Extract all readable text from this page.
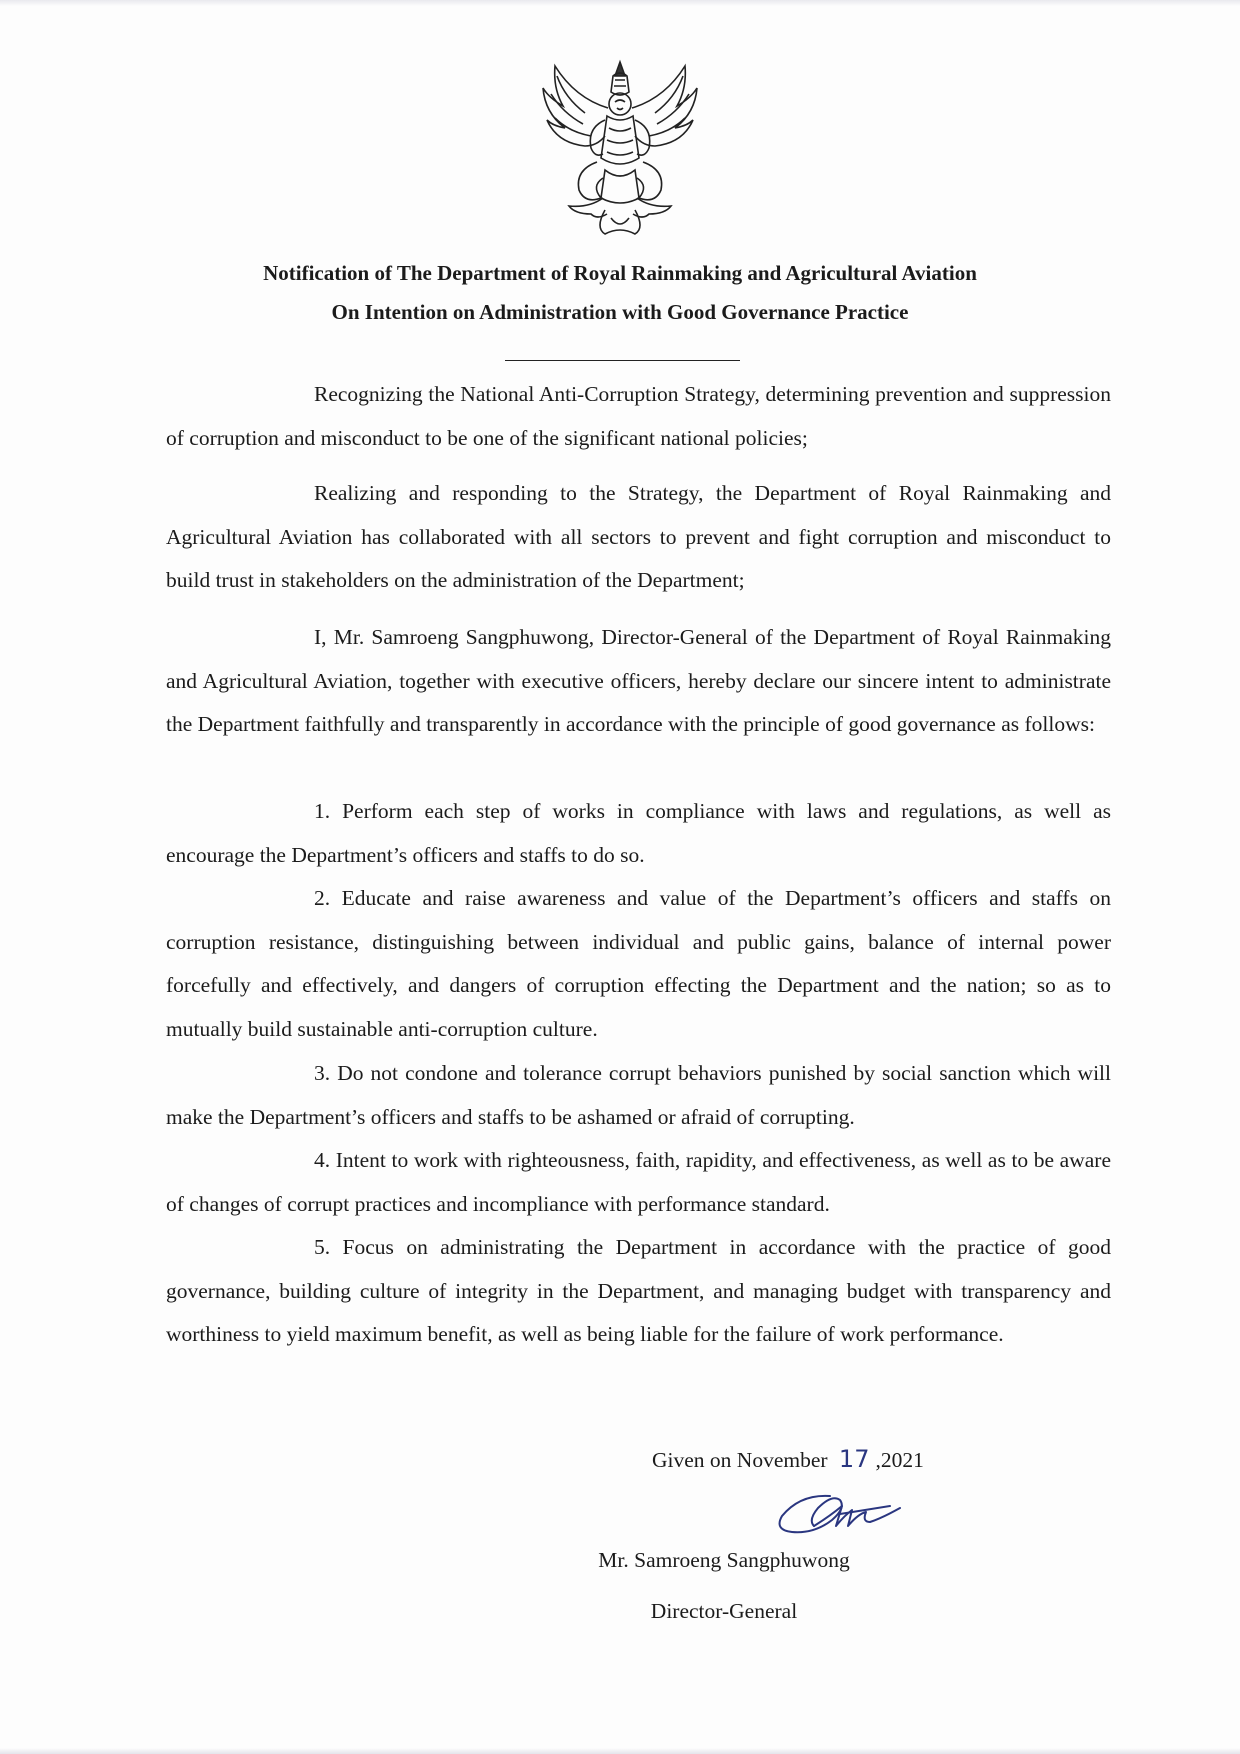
Notification of The Department of Royal Rainmaking and Agricultural Aviation
On Intention on Administration with Good Governance Practice

Recognizing the National Anti-Corruption Strategy, determining prevention and suppression of corruption and misconduct to be one of the significant national policies;

Realizing and responding to the Strategy, the Department of Royal Rainmaking and Agricultural Aviation has collaborated with all sectors to prevent and fight corruption and misconduct to build trust in stakeholders on the administration of the Department;

I, Mr. Samroeng Sangphuwong, Director-General of the Department of Royal Rainmaking and Agricultural Aviation, together with executive officers, hereby declare our sincere intent to administrate the Department faithfully and transparently in accordance with the principle of good governance as follows:

1. Perform each step of works in compliance with laws and regulations, as well as encourage the Department’s officers and staffs to do so.

2. Educate and raise awareness and value of the Department’s officers and staffs on corruption resistance, distinguishing between individual and public gains, balance of internal power forcefully and effectively, and dangers of corruption effecting the Department and the nation; so as to mutually build sustainable anti-corruption culture.

3. Do not condone and tolerance corrupt behaviors punished by social sanction which will make the Department’s officers and staffs to be ashamed or afraid of corrupting.

4. Intent to work with righteousness, faith, rapidity, and effectiveness, as well as to be aware of changes of corrupt practices and incompliance with performance standard.

5. Focus on administrating the Department in accordance with the practice of good governance, building culture of integrity in the Department, and managing budget with transparency and worthiness to yield maximum benefit, as well as being liable for the failure of work performance.

Given on November 17 ,2021
Mr. Samroeng Sangphuwong
Director-General
